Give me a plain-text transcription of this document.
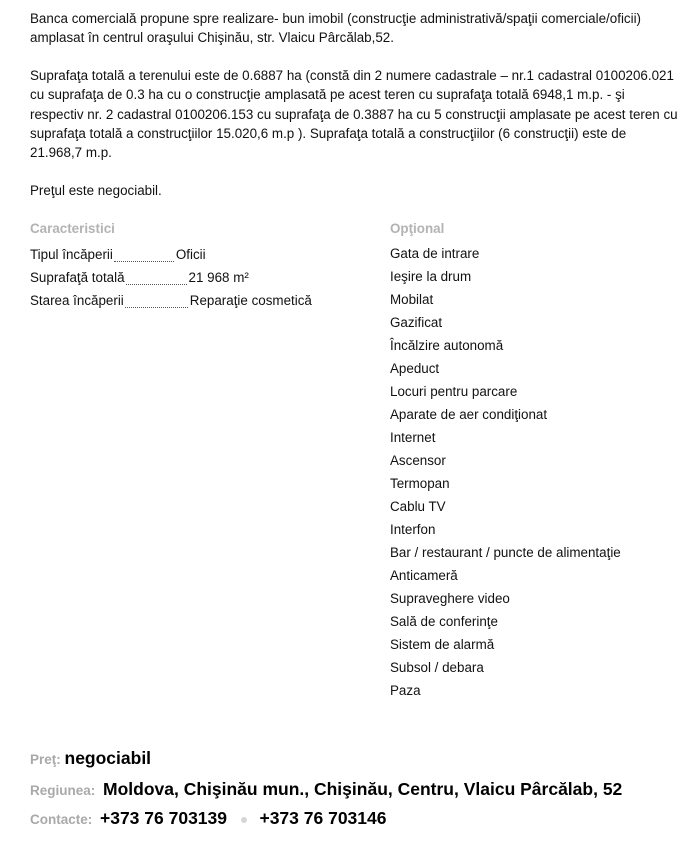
Banca comercială propune spre realizare- bun imobil (construcţie administrativă/spaţii comerciale/oficii) amplasat în centrul oraşului Chişinău, str. Vlaicu Pârcălab,52.

Suprafaţa totală a terenului este de 0.6887 ha (constă din 2 numere cadastrale – nr.1 cadastral 0100206.021 cu suprafaţa de 0.3 ha cu o construcţie amplasată pe acest teren cu suprafaţa totală 6948,1 m.p. - şi respectiv nr. 2 cadastral 0100206.153 cu suprafaţa de 0.3887 ha cu 5 construcţii amplasate pe acest teren cu suprafaţa totală a construcţiilor 15.020,6 m.p ). Suprafaţa totală a construcţiilor (6 construcţii) este de 21.968,7 m.p.

Preţul este negociabil.

Caracteristici	Opţional
Tipul încăperii	Oficii
Suprafaţă totală	21 968 m²
Starea încăperii	Reparaţie cosmetică
Gata de intrare
Ieşire la drum
Mobilat
Gazificat
Încălzire autonomă
Apeduct
Locuri pentru parcare
Aparate de aer condiţionat
Internet
Ascensor
Termopan
Cablu TV
Interfon
Bar / restaurant / puncte de alimentaţie
Anticameră
Supraveghere video
Sală de conferinţe
Sistem de alarmă
Subsol / debara
Paza
Preţ: negociabil
Regiunea: Moldova, Chişinău mun., Chişinău, Centru, Vlaicu Pârcălab, 52
Contacte: +373 76 703139 +373 76 703146
